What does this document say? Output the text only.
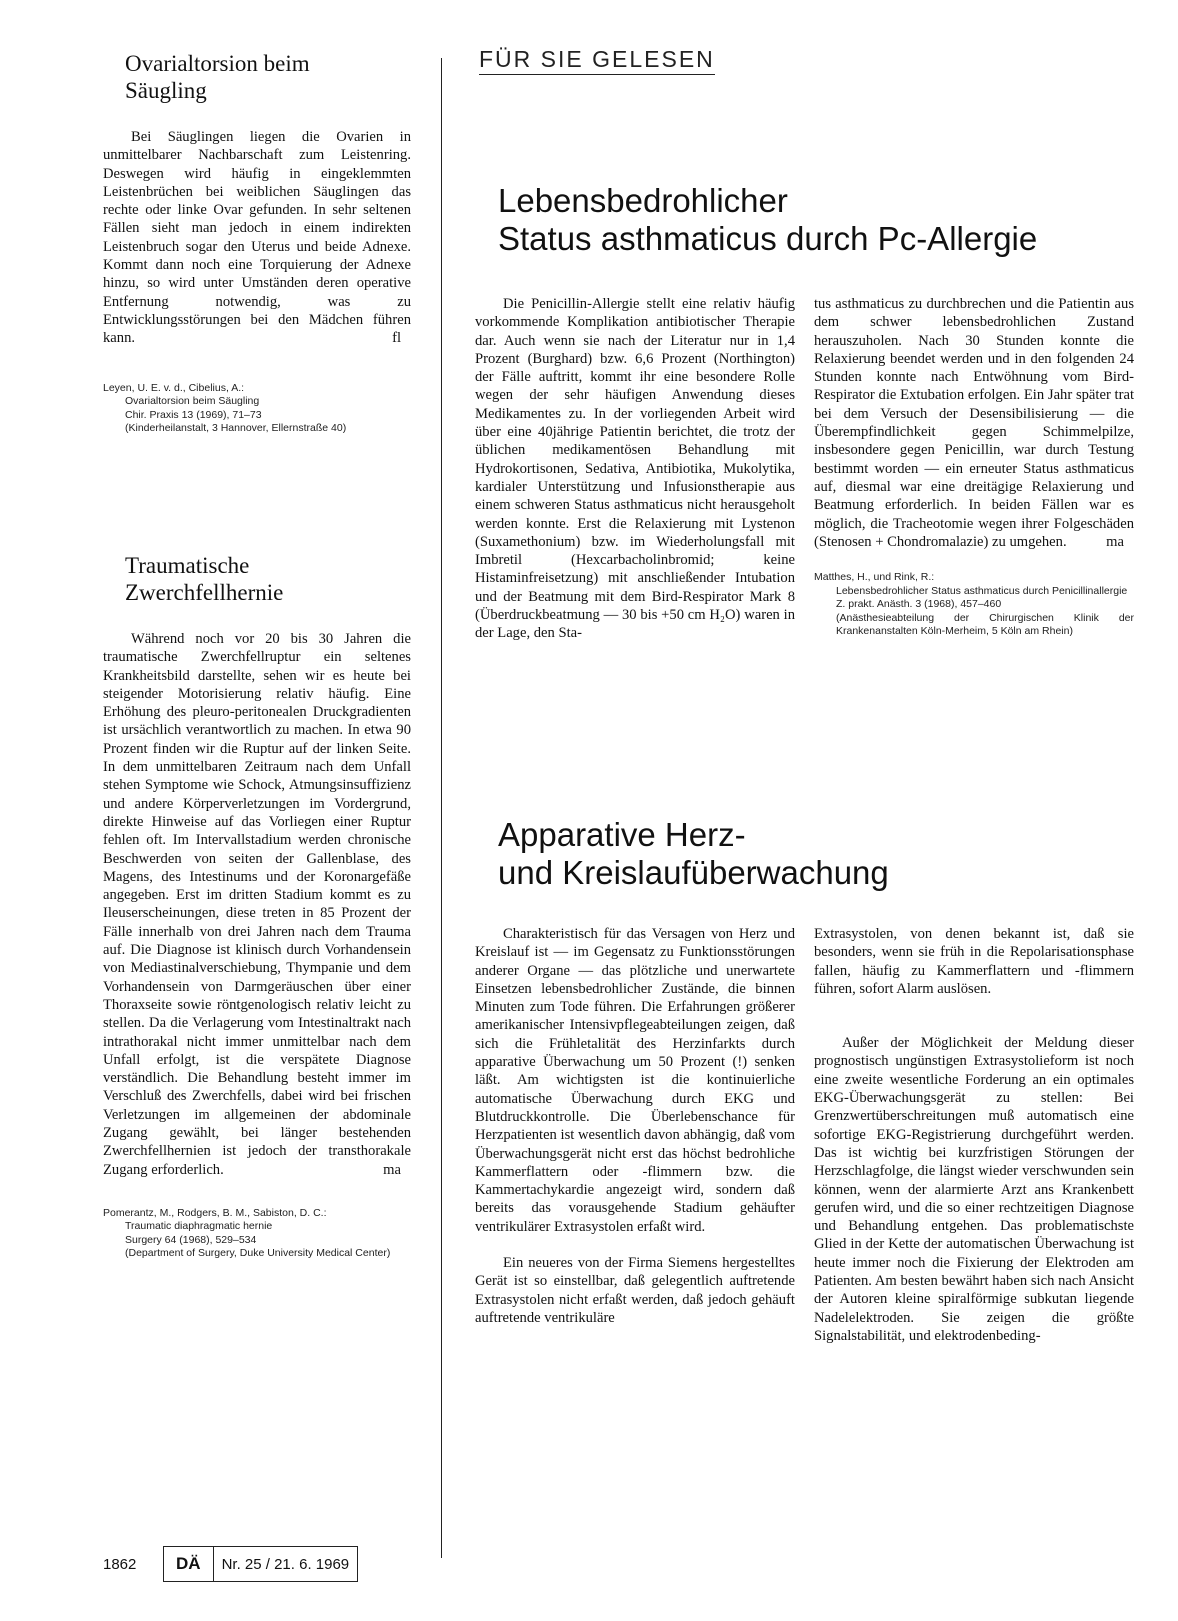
Ovarialtorsion beim
Säugling

Bei Säuglingen liegen die Ovarien in unmittelbarer Nachbarschaft zum Leistenring. Deswegen wird häufig in eingeklemmten Leistenbrüchen bei weiblichen Säuglingen das rechte oder linke Ovar gefunden. In sehr seltenen Fällen sieht man jedoch in einem indirekten Leistenbruch sogar den Uterus und beide Adnexe. Kommt dann noch eine Torquierung der Adnexe hinzu, so wird unter Umständen deren operative Entfernung notwendig, was zu Entwicklungsstörungen bei den Mädchen führen kann.	fl

Leyen, U. E. v. d., Cibelius, A.:
Ovarialtorsion beim Säugling
Chir. Praxis 13 (1969), 71–73
(Kinderheilanstalt, 3 Hannover, Ellernstraße 40)
Traumatische
Zwerchfellhernie

Während noch vor 20 bis 30 Jahren die traumatische Zwerchfellruptur ein seltenes Krankheitsbild darstellte, sehen wir es heute bei steigender Motorisierung relativ häufig. Eine Erhöhung des pleuro-peritonealen Druckgradienten ist ursächlich verantwortlich zu machen. In etwa 90 Prozent finden wir die Ruptur auf der linken Seite. In dem unmittelbaren Zeitraum nach dem Unfall stehen Symptome wie Schock, Atmungsinsuffizienz und andere Körperverletzungen im Vordergrund, direkte Hinweise auf das Vorliegen einer Ruptur fehlen oft. Im Intervallstadium werden chronische Beschwerden von seiten der Gallenblase, des Magens, des Intestinums und der Koronargefäße angegeben. Erst im dritten Stadium kommt es zu Ileuserscheinungen, diese treten in 85 Prozent der Fälle innerhalb von drei Jahren nach dem Trauma auf. Die Diagnose ist klinisch durch Vorhandensein von Mediastinalverschiebung, Thympanie und dem Vorhandensein von Darmgeräuschen über einer Thoraxseite sowie röntgenologisch relativ leicht zu stellen. Da die Verlagerung vom Intestinaltrakt nach intrathorakal nicht immer unmittelbar nach dem Unfall erfolgt, ist die verspätete Diagnose verständlich. Die Behandlung besteht immer im Verschluß des Zwerchfells, dabei wird bei frischen Verletzungen im allgemeinen der abdominale Zugang gewählt, bei länger bestehenden Zwerchfellhernien ist jedoch der transthorakale Zugang erforderlich.	ma

Pomerantz, M., Rodgers, B. M., Sabiston, D. C.:
Traumatic diaphragmatic hernie
Surgery 64 (1968), 529–534
(Department of Surgery, Duke University Medical Center)
FÜR SIE GELESEN
Lebensbedrohlicher
Status asthmaticus durch Pc-Allergie

Die Penicillin-Allergie stellt eine relativ häufig vorkommende Komplikation antibiotischer Therapie dar. Auch wenn sie nach der Literatur nur in 1,4 Prozent (Burghard) bzw. 6,6 Prozent (Northington) der Fälle auftritt, kommt ihr eine besondere Rolle wegen der sehr häufigen Anwendung dieses Medikamentes zu. In der vorliegenden Arbeit wird über eine 40jährige Patientin berichtet, die trotz der üblichen medikamentösen Behandlung mit Hydrokortisonen, Sedativa, Antibiotika, Mukolytika, kardialer Unterstützung und Infusionstherapie aus einem schweren Status asthmaticus nicht herausgeholt werden konnte. Erst die Relaxierung mit Lystenon (Suxamethonium) bzw. im Wiederholungsfall mit Imbretil (Hexcarbacholinbromid; keine Histaminfreisetzung) mit anschließender Intubation und der Beatmung mit dem Bird-Respirator Mark 8 (Überdruckbeatmung — 30 bis +50 cm H₂O) waren in der Lage, den Sta-

tus asthmaticus zu durchbrechen und die Patientin aus dem schwer lebensbedrohlichen Zustand herauszuholen. Nach 30 Stunden konnte die Relaxierung beendet werden und in den folgenden 24 Stunden konnte nach Entwöhnung vom Bird-Respirator die Extubation erfolgen. Ein Jahr später trat bei dem Versuch der Desensibilisierung — die Überempfindlichkeit gegen Schimmelpilze, insbesondere gegen Penicillin, war durch Testung bestimmt worden — ein erneuter Status asthmaticus auf, diesmal war eine dreitägige Relaxierung und Beatmung erforderlich. In beiden Fällen war es möglich, die Tracheotomie wegen ihrer Folgeschäden (Stenosen + Chondromalazie) zu umgehen.	ma

Matthes, H., und Rink, R.:
Lebensbedrohlicher Status asthmaticus durch Penicillinallergie
Z. prakt. Anästh. 3 (1968), 457–460
(Anästhesieabteilung der Chirurgischen Klinik der Krankenanstalten Köln-Merheim, 5 Köln am Rhein)
Apparative Herz-
und Kreislaufüberwachung

Charakteristisch für das Versagen von Herz und Kreislauf ist — im Gegensatz zu Funktionsstörungen anderer Organe — das plötzliche und unerwartete Einsetzen lebensbedrohlicher Zustände, die binnen Minuten zum Tode führen. Die Erfahrungen größerer amerikanischer Intensivpflegeabteilungen zeigen, daß sich die Frühletalität des Herzinfarkts durch apparative Überwachung um 50 Prozent (!) senken läßt. Am wichtigsten ist die kontinuierliche automatische Überwachung durch EKG und Blutdruckkontrolle. Die Überlebenschance für Herzpatienten ist wesentlich davon abhängig, daß vom Überwachungsgerät nicht erst das höchst bedrohliche Kammerflattern oder -flimmern bzw. die Kammertachykardie angezeigt wird, sondern daß bereits das vorausgehende Stadium gehäufter ventrikulärer Extrasystolen erfaßt wird.

Ein neueres von der Firma Siemens hergestelltes Gerät ist so einstellbar, daß gelegentlich auftretende Extrasystolen nicht erfaßt werden, daß jedoch gehäuft auftretende ventrikuläre

Extrasystolen, von denen bekannt ist, daß sie besonders, wenn sie früh in die Repolarisationsphase fallen, häufig zu Kammerflattern und -flimmern führen, sofort Alarm auslösen.

Außer der Möglichkeit der Meldung dieser prognostisch ungünstigen Extrasystolieform ist noch eine zweite wesentliche Forderung an ein optimales EKG-Überwachungsgerät zu stellen: Bei Grenzwertüberschreitungen muß automatisch eine sofortige EKG-Registrierung durchgeführt werden. Das ist wichtig bei kurzfristigen Störungen der Herzschlagfolge, die längst wieder verschwunden sein können, wenn der alarmierte Arzt ans Krankenbett gerufen wird, und die so einer rechtzeitigen Diagnose und Behandlung entgehen. Das problematischste Glied in der Kette der automatischen Überwachung ist heute immer noch die Fixierung der Elektroden am Patienten. Am besten bewährt haben sich nach Ansicht der Autoren kleine spiralförmige subkutan liegende Nadelelektroden. Sie zeigen die größte Signalstabilität, und elektrodenbeding-

1862	DÄ	Nr. 25 / 21. 6. 1969
